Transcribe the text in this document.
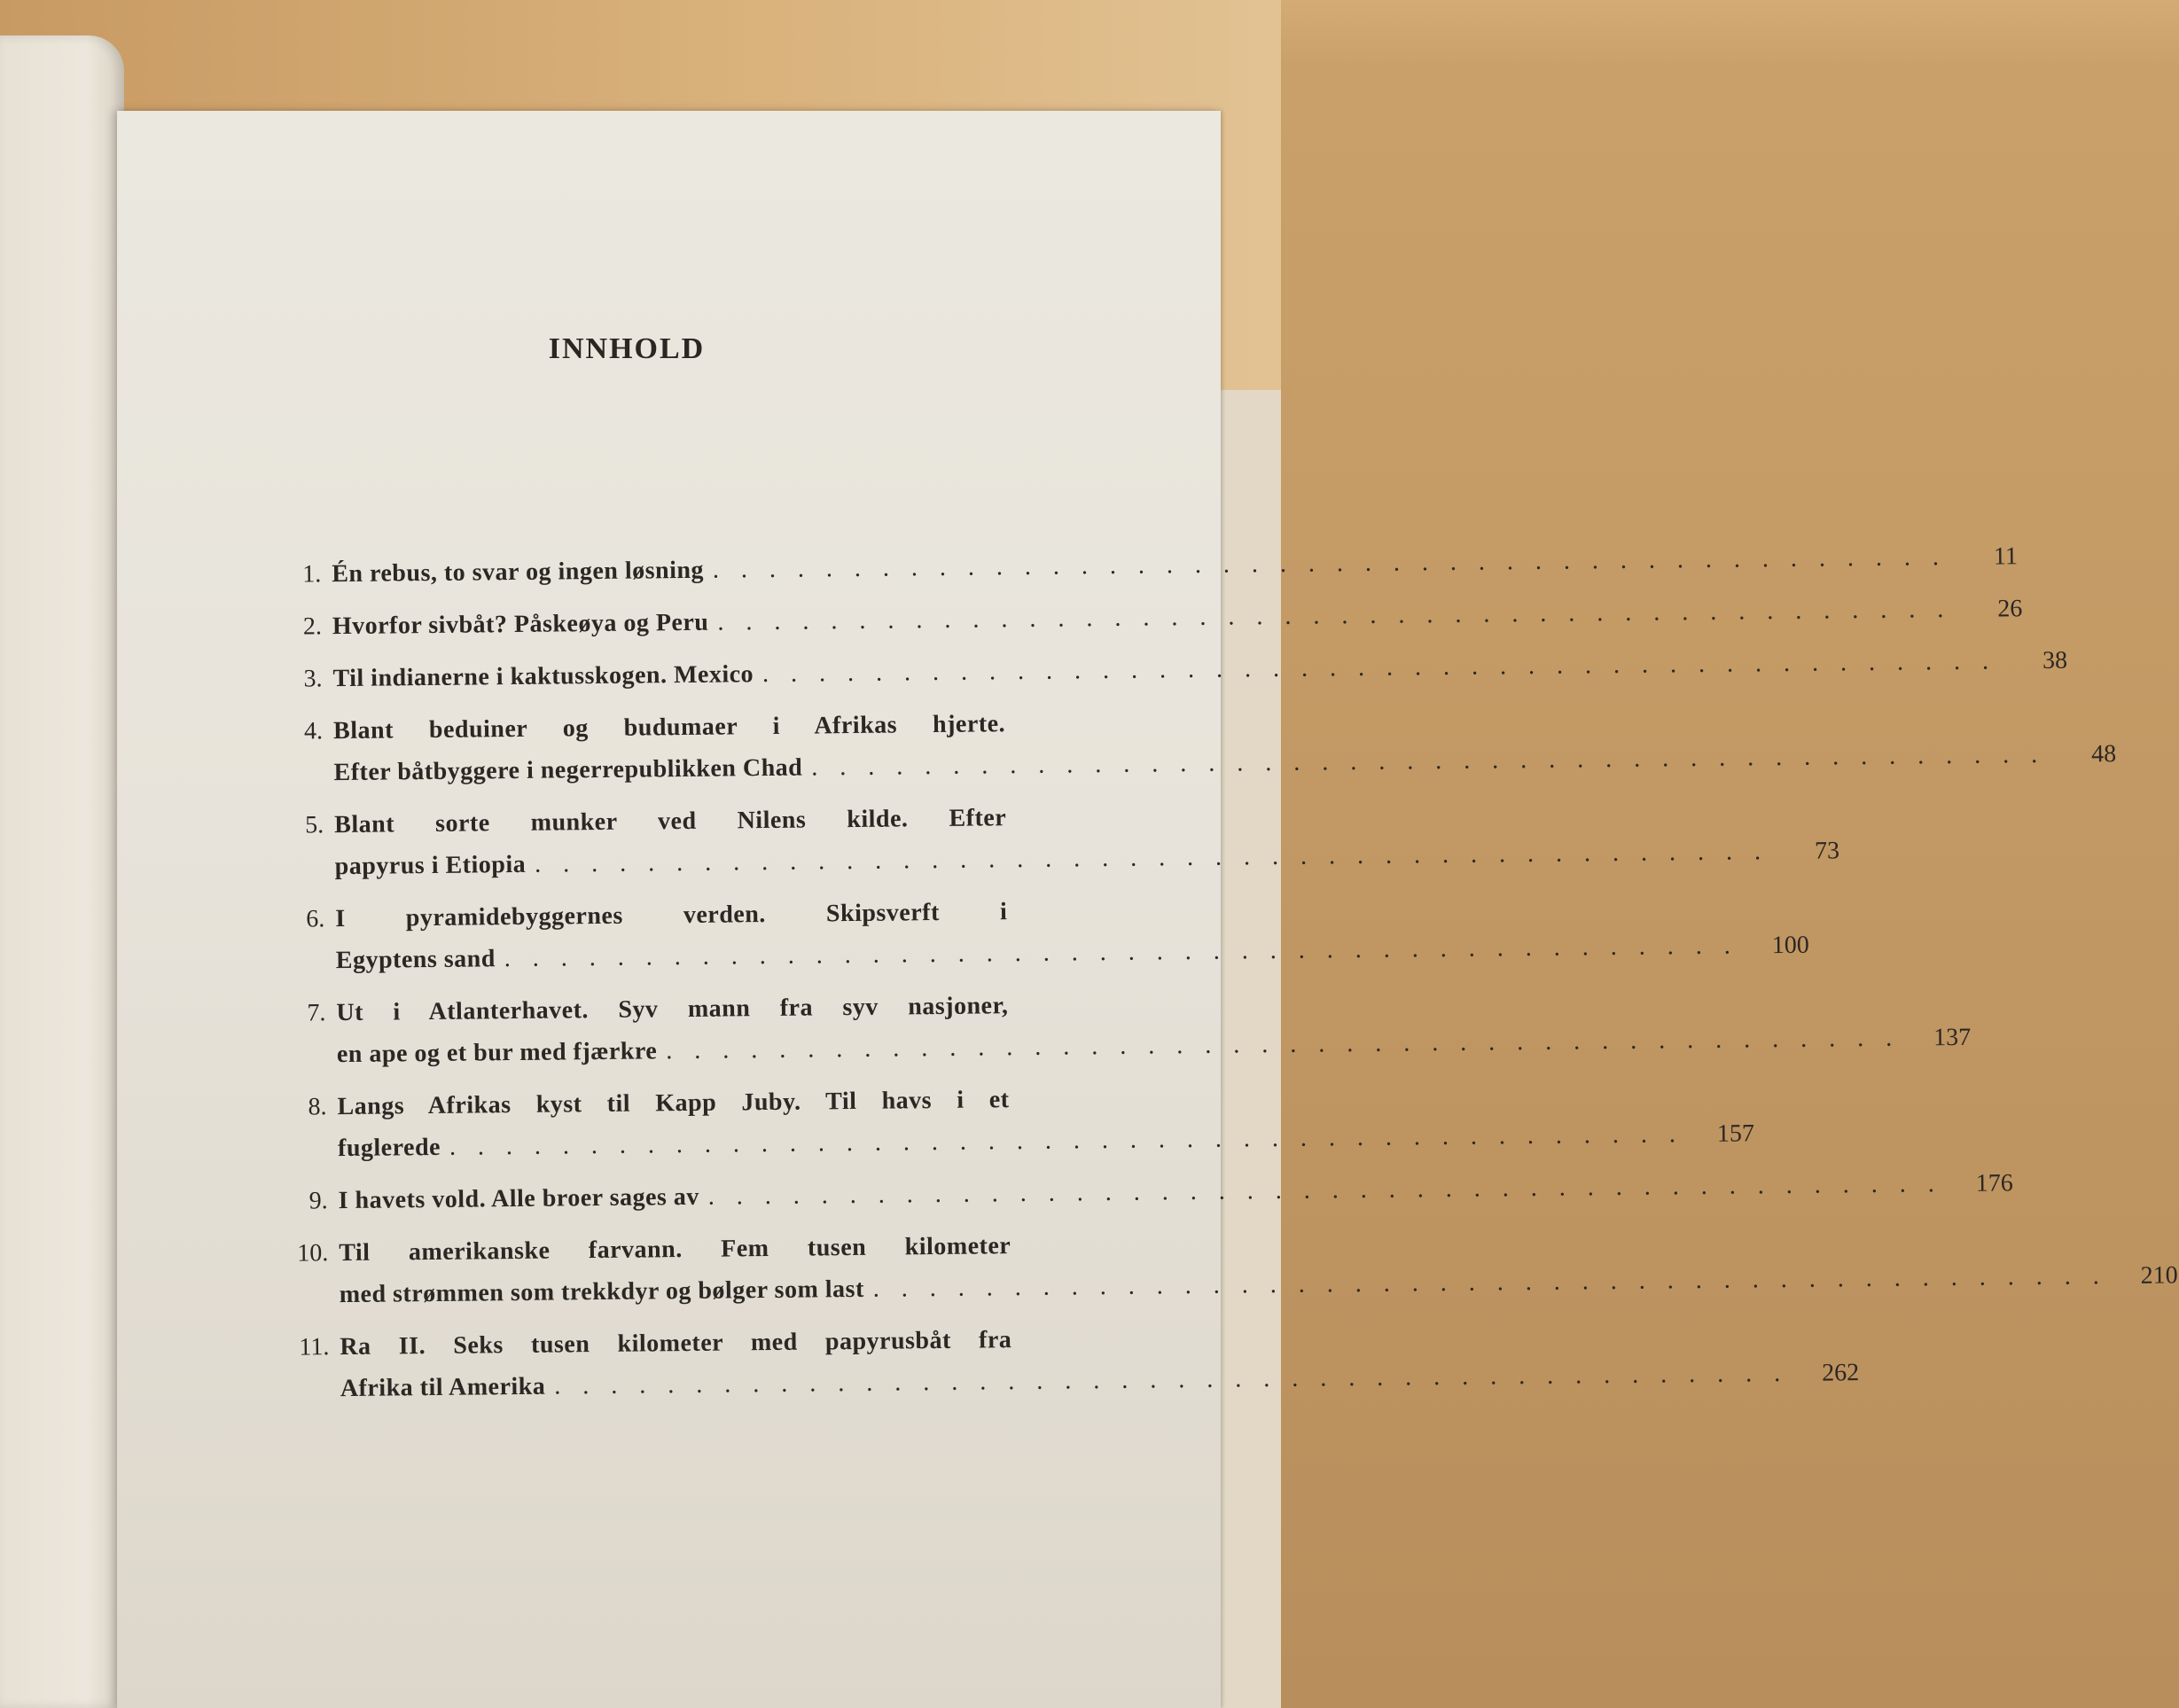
INNHOLD
1. Én rebus, to svar og ingen løsning . . . . . . . . . . . . . . . . . . . . . . . . . . . . . . . . . . . . . . . . . . . .	11
2. Hvorfor sivbåt? Påskeøya og Peru . . . . . . . . . . . . . . . . . . . . . . . . . . . . . . . . . . . . . . . . . . . .	26
3. Til indianerne i kaktusskogen. Mexico . . . . . . . . . . . . . . . . . . . . . . . . . . . . . . . . . . . . . . . . . . . .	38
4. Blant beduiner og budumaer i Afrikas hjerte.
Efter båtbyggere i negerrepublikken Chad . . . . . . . . . . . . . . . . . . . . . . . . . . . . . . . . . . . . . . . . . . . .	48
5. Blant sorte munker ved Nilens kilde. Efter
papyrus i Etiopia . . . . . . . . . . . . . . . . . . . . . . . . . . . . . . . . . . . . . . . . . . . .	73
6. I pyramidebyggernes verden. Skipsverft i
Egyptens sand . . . . . . . . . . . . . . . . . . . . . . . . . . . . . . . . . . . . . . . . . . . .	100
7. Ut i Atlanterhavet. Syv mann fra syv nasjoner,
en ape og et bur med fjærkre . . . . . . . . . . . . . . . . . . . . . . . . . . . . . . . . . . . . . . . . . . . .	137
8. Langs Afrikas kyst til Kapp Juby. Til havs i et
fuglerede . . . . . . . . . . . . . . . . . . . . . . . . . . . . . . . . . . . . . . . . . . . .	157
9. I havets vold. Alle broer sages av . . . . . . . . . . . . . . . . . . . . . . . . . . . . . . . . . . . . . . . . . . . .	176
10. Til amerikanske farvann. Fem tusen kilometer
med strømmen som trekkdyr og bølger som last . . . . . . . . . . . . . . . . . . . . . . . . . . . . . . . . . . . . . . . . . . . .	210
11. Ra II. Seks tusen kilometer med papyrusbåt fra
Afrika til Amerika . . . . . . . . . . . . . . . . . . . . . . . . . . . . . . . . . . . . . . . . . . . .	262
